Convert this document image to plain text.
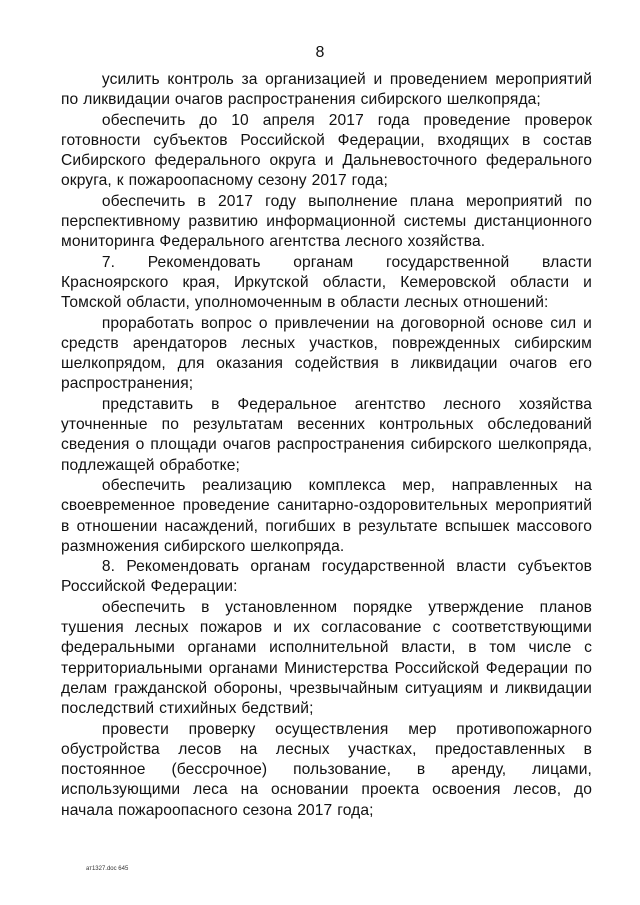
8

усилить контроль за организацией и проведением мероприятий по ликвидации очагов распространения сибирского шелкопряда;

обеспечить до 10 апреля 2017 года проведение проверок готовности субъектов Российской Федерации, входящих в состав Сибирского федерального округа и Дальневосточного федерального округа, к пожароопасному сезону 2017 года;

обеспечить в 2017 году выполнение плана мероприятий по перспективному развитию информационной системы дистанционного мониторинга Федерального агентства лесного хозяйства.

7. Рекомендовать органам государственной власти Красноярского края, Иркутской области, Кемеровской области и Томской области, уполномоченным в области лесных отношений:

проработать вопрос о привлечении на договорной основе сил и средств арендаторов лесных участков, поврежденных сибирским шелкопрядом, для оказания содействия в ликвидации очагов его распространения;

представить в Федеральное агентство лесного хозяйства уточненные по результатам весенних контрольных обследований сведения о площади очагов распространения сибирского шелкопряда, подлежащей обработке;

обеспечить реализацию комплекса мер, направленных на своевременное проведение санитарно-оздоровительных мероприятий в отношении насаждений, погибших в результате вспышек массового размножения сибирского шелкопряда.

8. Рекомендовать органам государственной власти субъектов Российской Федерации:

обеспечить в установленном порядке утверждение планов тушения лесных пожаров и их согласование с соответствующими федеральными органами исполнительной власти, в том числе с территориальными органами Министерства Российской Федерации по делам гражданской обороны, чрезвычайным ситуациям и ликвидации последствий стихийных бедствий;

провести проверку осуществления мер противопожарного обустройства лесов на лесных участках, предоставленных в постоянное (бессрочное) пользование, в аренду, лицами, использующими леса на основании проекта освоения лесов, до начала пожароопасного сезона 2017 года;

ат1327.doc 645
